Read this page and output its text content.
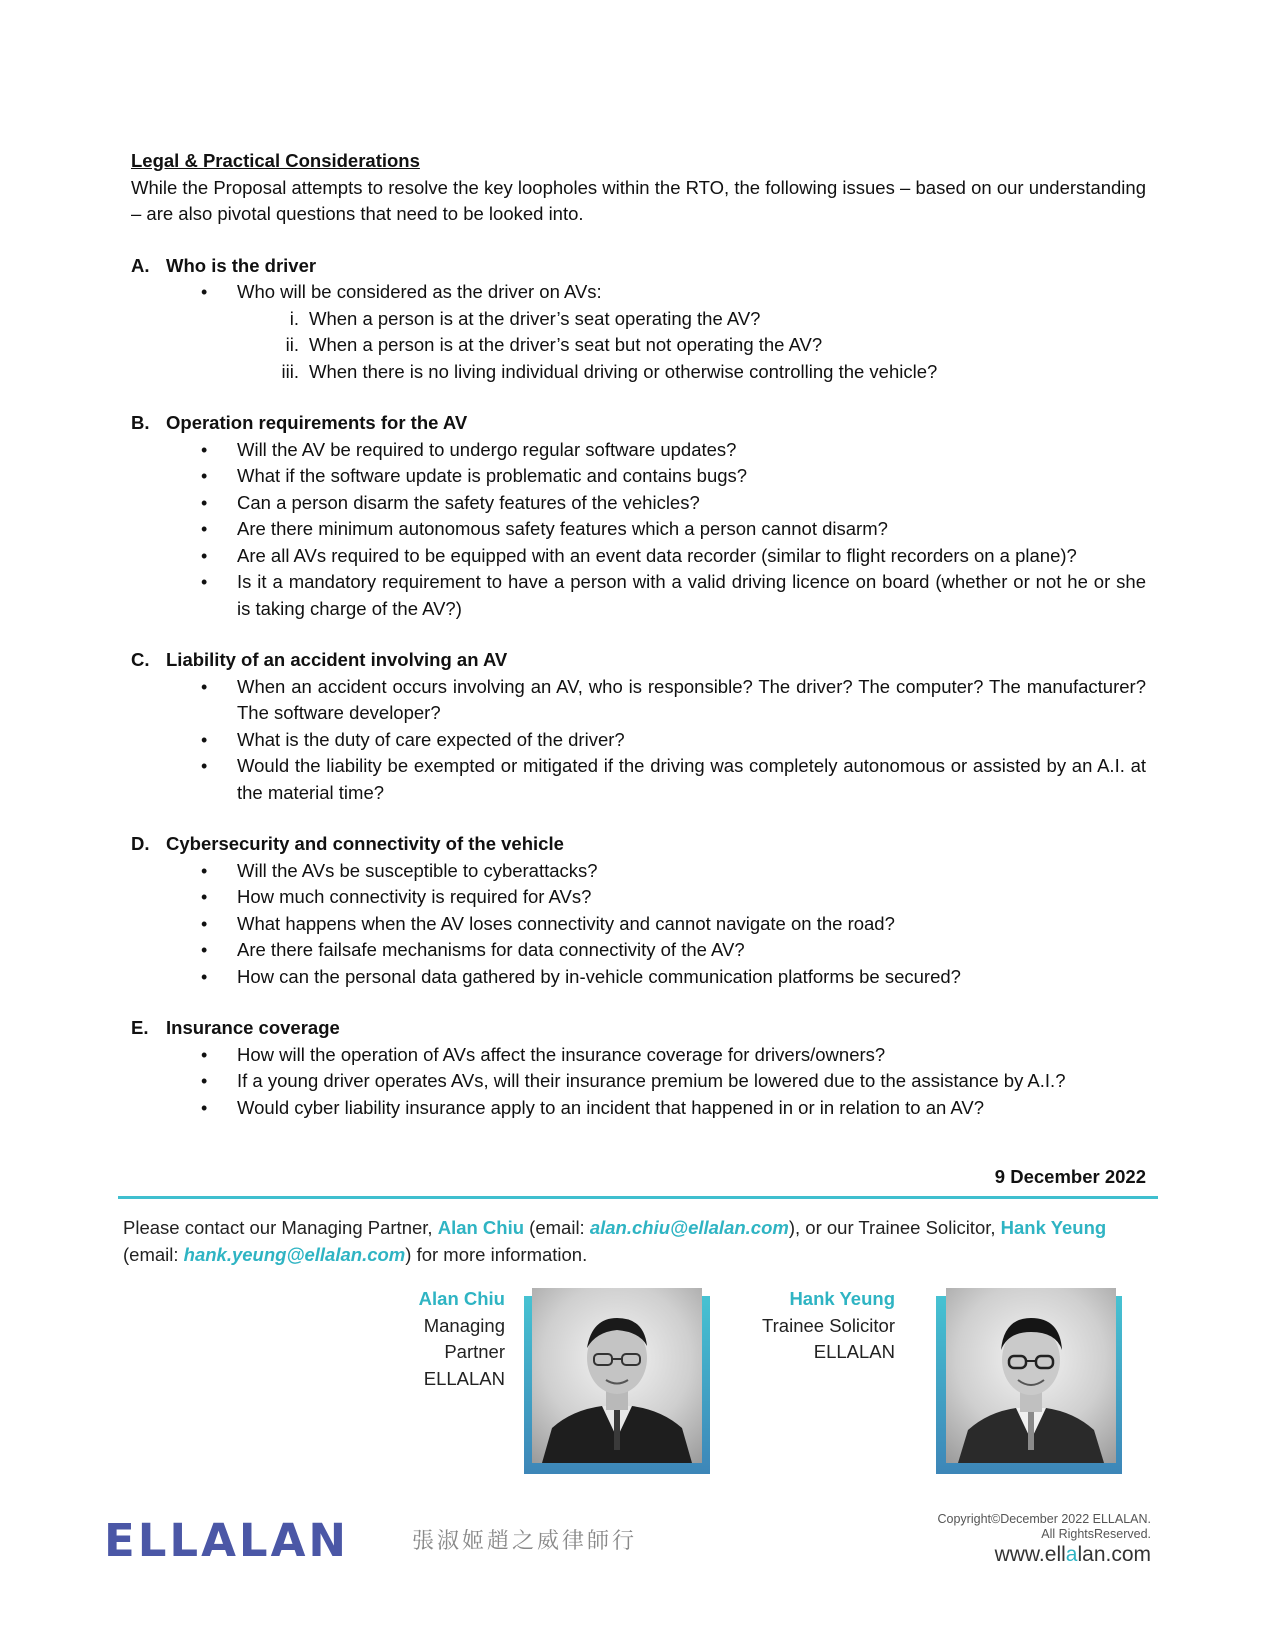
Legal & Practical Considerations
While the Proposal attempts to resolve the key loopholes within the RTO, the following issues – based on our understanding – are also pivotal questions that need to be looked into.
A. Who is the driver
• Who will be considered as the driver on AVs:
i. When a person is at the driver’s seat operating the AV?
ii. When a person is at the driver’s seat but not operating the AV?
iii. When there is no living individual driving or otherwise controlling the vehicle?
B. Operation requirements for the AV
• Will the AV be required to undergo regular software updates?
• What if the software update is problematic and contains bugs?
• Can a person disarm the safety features of the vehicles?
• Are there minimum autonomous safety features which a person cannot disarm?
• Are all AVs required to be equipped with an event data recorder (similar to flight recorders on a plane)?
• Is it a mandatory requirement to have a person with a valid driving licence on board (whether or not he or she is taking charge of the AV?)
C. Liability of an accident involving an AV
• When an accident occurs involving an AV, who is responsible? The driver? The computer? The manufacturer? The software developer?
• What is the duty of care expected of the driver?
• Would the liability be exempted or mitigated if the driving was completely autonomous or assisted by an A.I. at the material time?
D. Cybersecurity and connectivity of the vehicle
• Will the AVs be susceptible to cyberattacks?
• How much connectivity is required for AVs?
• What happens when the AV loses connectivity and cannot navigate on the road?
• Are there failsafe mechanisms for data connectivity of the AV?
• How can the personal data gathered by in-vehicle communication platforms be secured?
E. Insurance coverage
• How will the operation of AVs affect the insurance coverage for drivers/owners?
• If a young driver operates AVs, will their insurance premium be lowered due to the assistance by A.I.?
• Would cyber liability insurance apply to an incident that happened in or in relation to an AV?
9 December 2022
Please contact our Managing Partner, Alan Chiu (email: alan.chiu@ellalan.com), or our Trainee Solicitor, Hank Yeung
(email: hank.yeung@ellalan.com) for more information.
Alan Chiu
Managing
Partner
ELLALAN
Hank Yeung
Trainee Solicitor
ELLALAN
ELLALAN	張淑姬趙之威律師行
Copyright©December 2022 ELLALAN.
All RightsReserved.
www.ellalan.com
